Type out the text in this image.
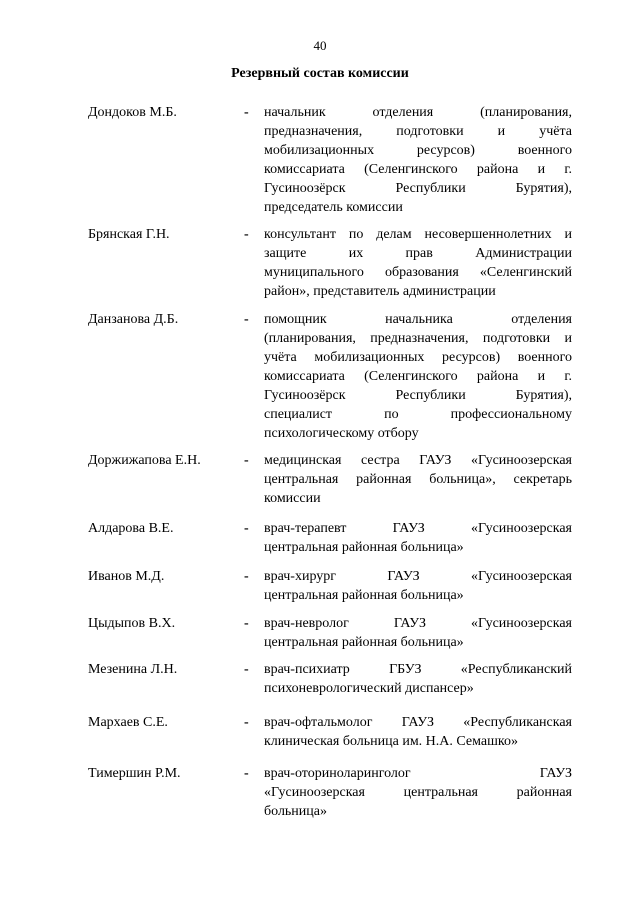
40
Резервный состав комиссии
Дондоков М.Б.	- начальник отделения (планирования,
предназначения, подготовки и учёта
мобилизационных ресурсов) военного
комиссариата (Селенгинского района и г.
Гусиноозёрск Республики Бурятия),
председатель комиссии
Брянская Г.Н.	- консультант по делам несовершеннолетних и
защите их прав Администрации
муниципального образования «Селенгинский
район», представитель администрации
Данзанова Д.Б.	- помощник начальника отделения
(планирования, предназначения, подготовки и
учёта мобилизационных ресурсов) военного
комиссариата (Селенгинского района и г.
Гусиноозёрск Республики Бурятия),
специалист по профессиональному
психологическому отбору
Доржижапова Е.Н.	- медицинская сестра ГАУЗ «Гусиноозерская
центральная районная больница», секретарь
комиссии
Алдарова В.Е.	- врач-терапевт ГАУЗ «Гусиноозерская
центральная районная больница»
Иванов М.Д.	- врач-хирург ГАУЗ «Гусиноозерская
центральная районная больница»
Цыдыпов В.Х.	- врач-невролог ГАУЗ «Гусиноозерская
центральная районная больница»
Мезенина Л.Н.	- врач-психиатр ГБУЗ «Республиканский
психоневрологический диспансер»
Мархаев С.Е.	- врач-офтальмолог ГАУЗ «Республиканская
клиническая больница им. Н.А. Семашко»
Тимершин Р.М.	- врач-оториноларинголог ГАУЗ
«Гусиноозерская центральная районная
больница»
